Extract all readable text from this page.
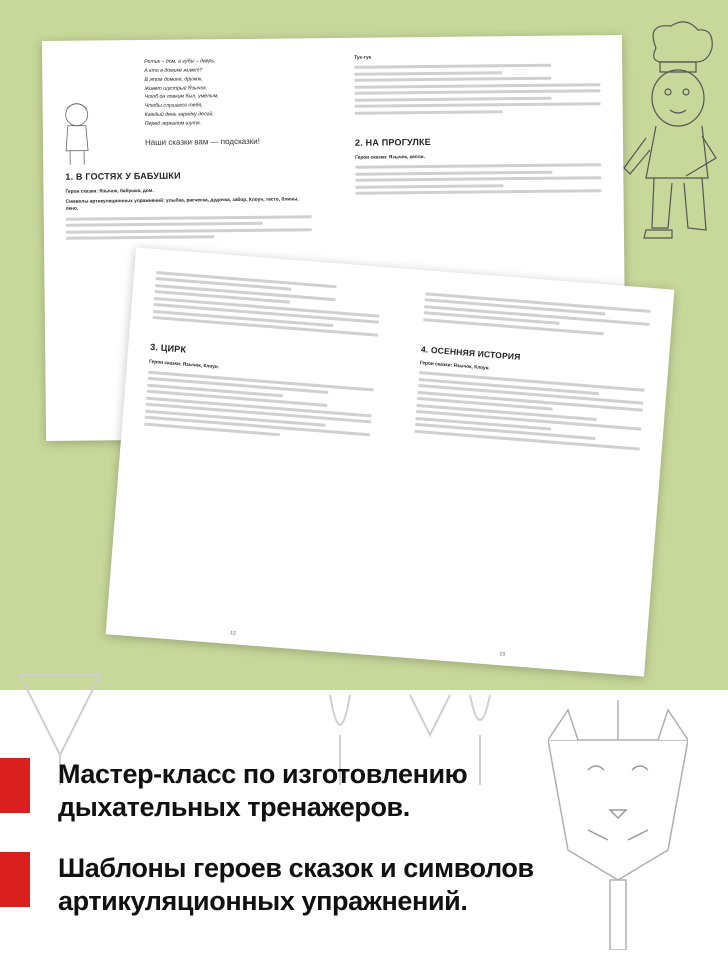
Ротик – дом, а губы – дверь,
А кто в домике живет?
В этом домике, дружок,
Живет шустрый Язычок.
Чтоб он ловким был, умелым,
Чтобы слушался тебя,
Каждый день зарядку делай,
Перед зеркалом шутя.
Наши сказки вам — подсказки!
1. В ГОСТЯХ У БАБУШКИ
Герои сказки: Язычок, бабушка, дом.
Символы артикуляционных упражнений: улыбка, расческа, дудочка, забор, Клоун, тесто, блины, окно.
Тук-тук
2. НА ПРОГУЛКЕ
Герои сказки: Язычок, капли.
3. ЦИРК
Герои сказки: Язычок, Клоун.
12
4. ОСЕННЯЯ ИСТОРИЯ
Герои сказки: Язычок, Клоун.
13
Мастер-класс по изготовлению
дыхательных тренажеров.
Шаблоны героев сказок и символов
артикуляционных упражнений.
